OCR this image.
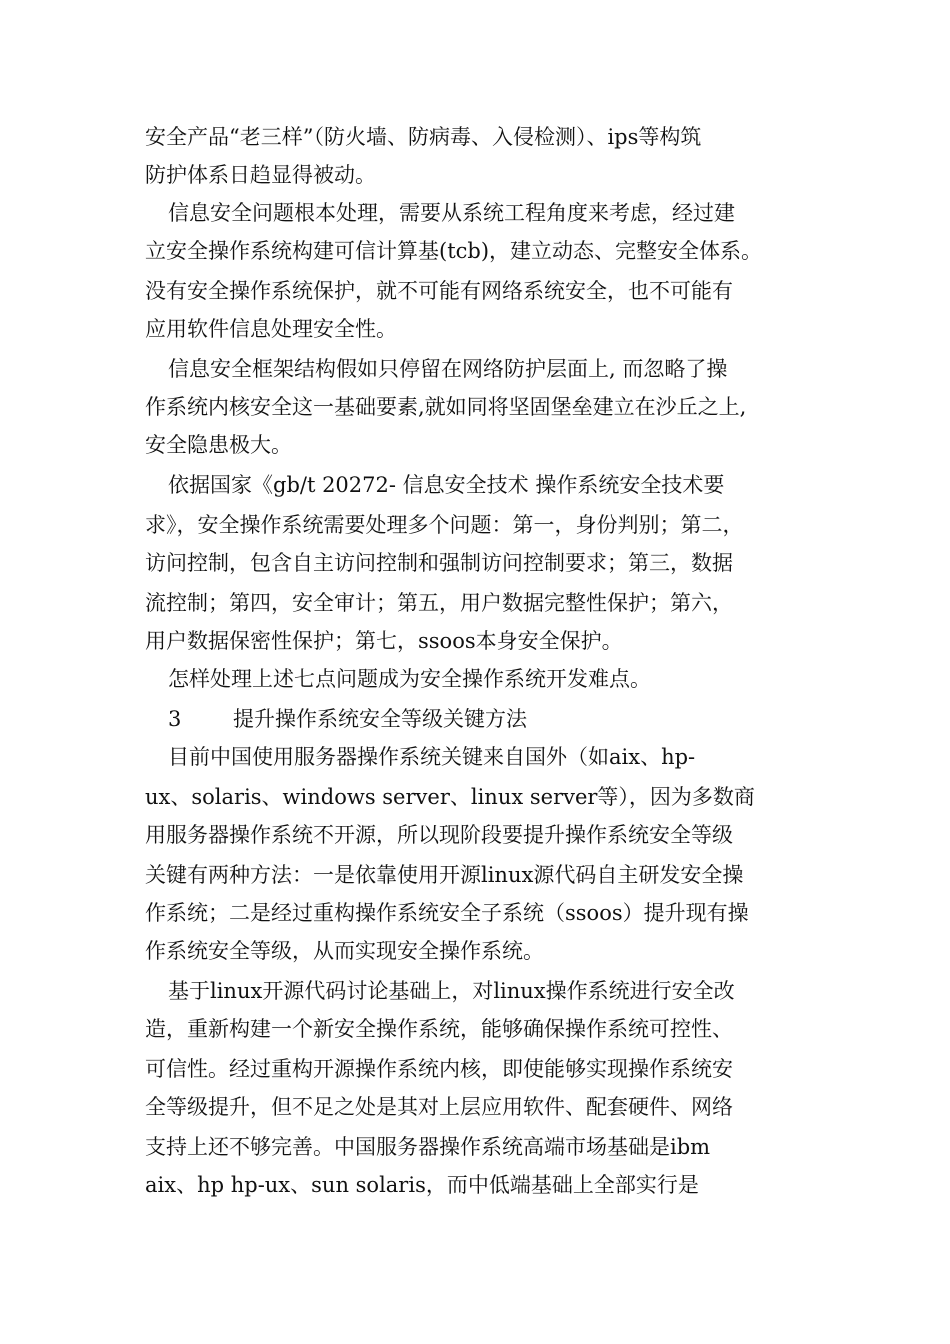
安全产品“老三样”（防火墙、防病毒、入侵检测）、ips等构筑
防护体系日趋显得被动。
信息安全问题根本处理，需要从系统工程角度来考虑，经过建
立安全操作系统构建可信计算基(tcb)，建立动态、完整安全体系。
没有安全操作系统保护，就不可能有网络系统安全，也不可能有
应用软件信息处理安全性。
信息安全框架结构假如只停留在网络防护层面上, 而忽略了操
作系统内核安全这一基础要素,就如同将坚固堡垒建立在沙丘之上,
安全隐患极大。
依据国家《gb/t 20272- 信息安全技术 操作系统安全技术要
求》，安全操作系统需要处理多个问题：第一，身份判别；第二，
访问控制，包含自主访问控制和强制访问控制要求；第三，数据
流控制；第四，安全审计；第五，用户数据完整性保护；第六，
用户数据保密性保护；第七，ssoos本身安全保护。
怎样处理上述七点问题成为安全操作系统开发难点。
3 提升操作系统安全等级关键方法
目前中国使用服务器操作系统关键来自国外（如aix、hp-
ux、solaris、windows server、linux server等），因为多数商
用服务器操作系统不开源，所以现阶段要提升操作系统安全等级
关键有两种方法：一是依靠使用开源linux源代码自主研发安全操
作系统；二是经过重构操作系统安全子系统（ssoos）提升现有操
作系统安全等级，从而实现安全操作系统。
基于linux开源代码讨论基础上，对linux操作系统进行安全改
造，重新构建一个新安全操作系统，能够确保操作系统可控性、
可信性。经过重构开源操作系统内核，即使能够实现操作系统安
全等级提升，但不足之处是其对上层应用软件、配套硬件、网络
支持上还不够完善。中国服务器操作系统高端市场基础是ibm
aix、hp hp-ux、sun solaris，而中低端基础上全部实行是
